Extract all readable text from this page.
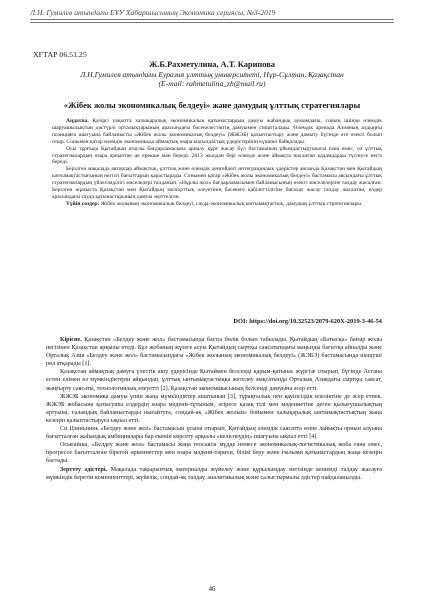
Л.Н. Гумилев атындағы ЕҰУ Хабаршысының Экономика сериясы, №3-2019
ХҒТАР 06.51.25
Ж.Б.Рахметулина, А.Т. Карипова
Л.Н.Гумилев атындағы Еуразия ұлттық университеті, Нұр-Сұлтан, Қазақстан
(E-mail: rahmetulina_zh@mail.ru)
«Жібек жолы экономикалық белдеуі» және дамудың ұлттық стратегиялары

Аңдатпа. Қазіргі уақытта халықаралық экономикалық қатынастардың дамуы жаһандық аукымдағы, соның ішінде өлемдік шаруашылықтың дәстүрлі орталықтарының арасындағы бәсекелестіктің дамуымен сипатталады. Өлемдік аренада Азияның алдыңғы позицияға шығуына байланысты «Жібек жолы экономикалық белдеуі» (ЖЖЭБ) қалыптастыру және дамыту бүгінде өте өзекті болып отыр. Сонымен қатар өлемдік экономикада аймақтық өзара ықпалдастық үдерістерінің күшеюі байқалады.

Осы тұрғыда Қытайдың атаулы бағдарламасына арналу құрт жасау бүл бастаманың ұйымдастырушысы ғана емес, ол ұлттық стратегиялардың өзара әрекетіне де ерекше мән береді. 2013 жылдан бері өлемде және аймақта жасалған қадамдарды түсінуге негіз береді.

Берілген мақалада авторлар аймақтық, ұлттық және өлемдік деңгейдегі интеграциялық үдерістер аясында Қазақстан мен Қытайдың ынтымақтастығының негізгі бағыттарын қарастырады. Сонымен қатар «Жібек жолы экономикалық белдеуі» бастамасы аясындағы ұлттық стратегиялардың үйлесімділігі мәселелері талданып, «Нұрлы жол» бағдарламасымен байланысының өзекті мәселелеріне талдау жасалған. Берілген жұмыста Қазақстан мен Қытайдың экспорттық әлеуетінің бәсекеге қабілеттілігіне бағалау жасау талдау жасалған, елдер арасындағы сауда қатынастарының дамуы зерттелген.

Түйін сөздер: Жібек жолының экономикалық белдеуі, сауда-экономикалық ынтымақтастық, дамудың ұлттық стратегиялары.

DOI: https://doi.org/10.32523/2079-620X-2019-3-46-54

Кіріспе. Қазақстан «Белдеу және жол» бастамасында басты бөлік болып табылады. Қытайдың «Батысқа» бағыр жолы негізінен Қазақстан арқылы өтеді. Бұл жобаның жүзеге асуы Қытайдың сыртқы саясатындағы маңызды бағытқа айналды және Орталық Азия «Белдеу және жол» бастамасындағы «Жібек жолының экономикалық белдеуі» (ЖЭБЭ) бастамасында шешуші рөл атқарады [1].

Қазақстан аймақтық дамуға үлестік ашу үдерісінде Қытаймен белсенді қарым-қатынас жүргізе отырып, бүгінде Астана естен елімен өз мүмкіндіктерін айқындап, ұлттық ынтымақтастыққа жетелеу мақсатында Орталық Азиядағы сыртқы саясат, жаңғырту саясаты, технологиялық әлеуетті [2]. Қазақстан экономикасының белсенді дамуына әсер етті.

ЖЖЭБ экономика дамуы үшін жаңа мүмкіндіктер ашатынын [3], тұрақтылық пен қауіпсіздік өлеліктіне де әсер етпек. ЖЖЭБ жобасына қатысушы елдердің өзара мәдени-тұтыным, әсіресе қазақ тілі мен мәдениетіне деген қызығушылықтың артуына, ғаламдық байланыстарды нығайтуға, сондай-ақ «Жібек жолын» бойымен халықаралық ынтымақтастықтың жаңа кезеңін қалыптастыруға ықпал етті.

Си Цзиньпинь «Белдеу және жол» бастамасын ұсына отырып, Қытайдың әлемдік саясатта өзіне лайықты орнын алуына бағытталған жаһандық амбициялары бар екенін көрсету арқылы «келіспеудің» шығуына ықпал етті [4].

Осығайша, «Белдеу және жол» бастамасы жаңа геосаяси мүдде немесе экономикалық-логистикалық жоба ғана емес, прогрессе бағытталған бірегей өркениеттер мен өзара мәдени-тарихи, білім беру және ғылыми қатынастардың жаңа кезеңін бастады.

Зерттеу әдістері. Мақалада тақырыптық материалды жүйелеу және құрылымдау негізінде кешенді талдау жасауға мүмкіндік беретін компоненттері, жүйелік, сондай-ақ талдау, аналитикалық және салыстырмалы әдістер пайдаланылды.

46
